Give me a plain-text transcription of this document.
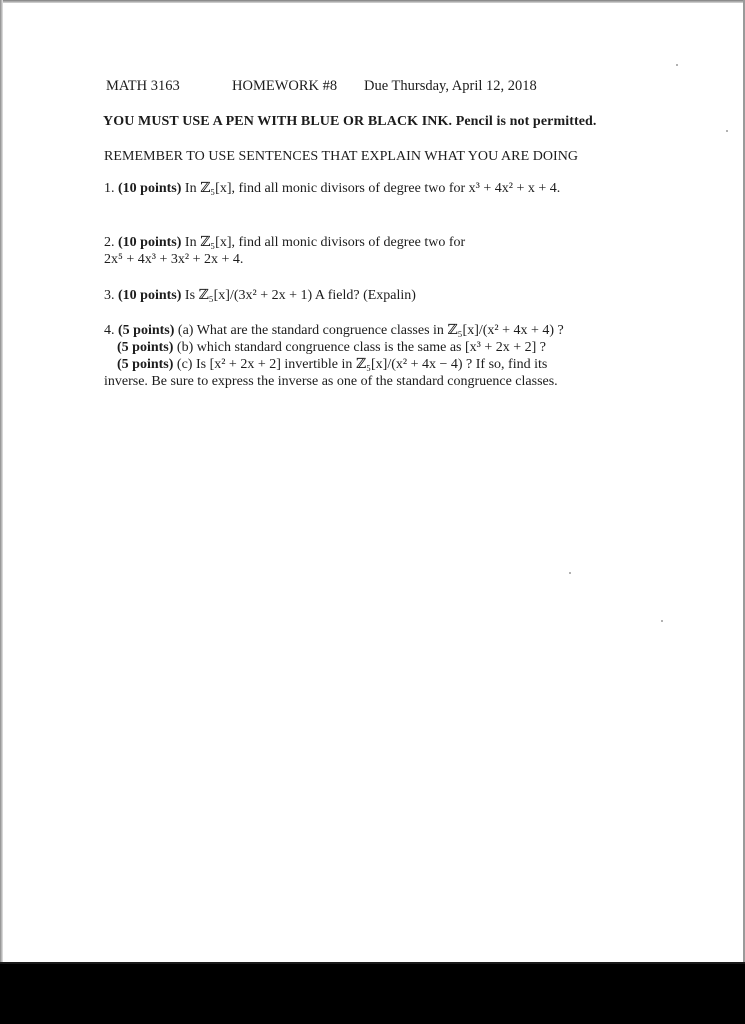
MATH 3163	HOMEWORK #8 Due Thursday, April 12, 2018
YOU MUST USE A PEN WITH BLUE OR BLACK INK. Pencil is not permitted.
REMEMBER TO USE SENTENCES THAT EXPLAIN WHAT YOU ARE DOING
1. (10 points) In ℤ₅[x], find all monic divisors of degree two for x³ + 4x² + x + 4.
2. (10 points) In ℤ₅[x], find all monic divisors of degree two for
2x⁵ + 4x³ + 3x² + 2x + 4.
3. (10 points) Is ℤ₅[x]/(3x² + 2x + 1) A field? (Expalin)
4. (5 points) (a) What are the standard congruence classes in ℤ₅[x]/(x² + 4x + 4) ?
(5 points) (b) which standard congruence class is the same as [x³ + 2x + 2] ?
(5 points) (c) Is [x² + 2x + 2] invertible in ℤ₅[x]/(x² + 4x − 4) ? If so, find its
inverse. Be sure to express the inverse as one of the standard congruence classes.
